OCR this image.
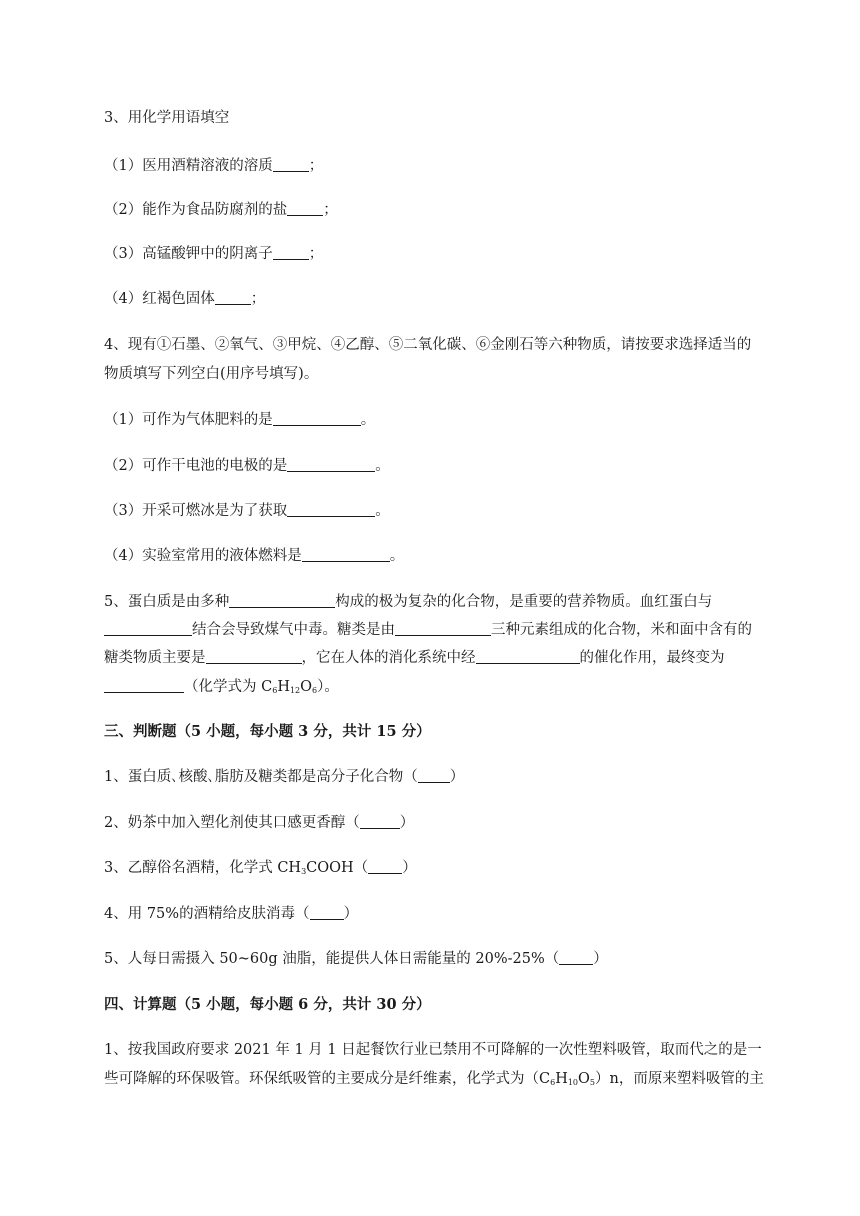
3、用化学用语填空
（1）医用酒精溶液的溶质 ；
（2）能作为食品防腐剂的盐 ；
（3）高锰酸钾中的阴离子 ；
（4）红褐色固体 ；
4、现有①石墨、②氧气、③甲烷、④乙醇、⑤二氧化碳、⑥金刚石等六种物质，请按要求选择适当的
物质填写下列空白(用序号填写)。
（1）可作为气体肥料的是	。
（2）可作干电池的电极的是	。
（3）开采可燃冰是为了获取	。
（4）实验室常用的液体燃料是	。
5、蛋白质是由多种	构成的极为复杂的化合物，是重要的营养物质。血红蛋白与
结合会导致煤气中毒。糖类是由	三种元素组成的化合物，米和面中含有的
糖类物质主要是	，它在人体的消化系统中经	的催化作用，最终变为
（化学式为 $C_6H_{12}O_6$）。
三、判断题（5 小题，每小题 3 分，共计 15 分）
1、蛋白质､核酸､脂肪及糖类都是高分子化合物（ ）
2、奶茶中加入塑化剂使其口感更香醇（	）
3、乙醇俗名酒精，化学式 $CH_3COOH$（ ）
4、用 75%的酒精给皮肤消毒（ ）
5、人每日需摄入 50~60g 油脂，能提供人体日需能量的 20%-25%（ ）
四、计算题（5 小题，每小题 6 分，共计 30 分）
1、按我国政府要求 2021 年 1 月 1 日起餐饮行业已禁用不可降解的一次性塑料吸管，取而代之的是一
些可降解的环保吸管。环保纸吸管的主要成分是纤维素，化学式为$(C_6H_{10}O_5)n$，而原来塑料吸管的主
